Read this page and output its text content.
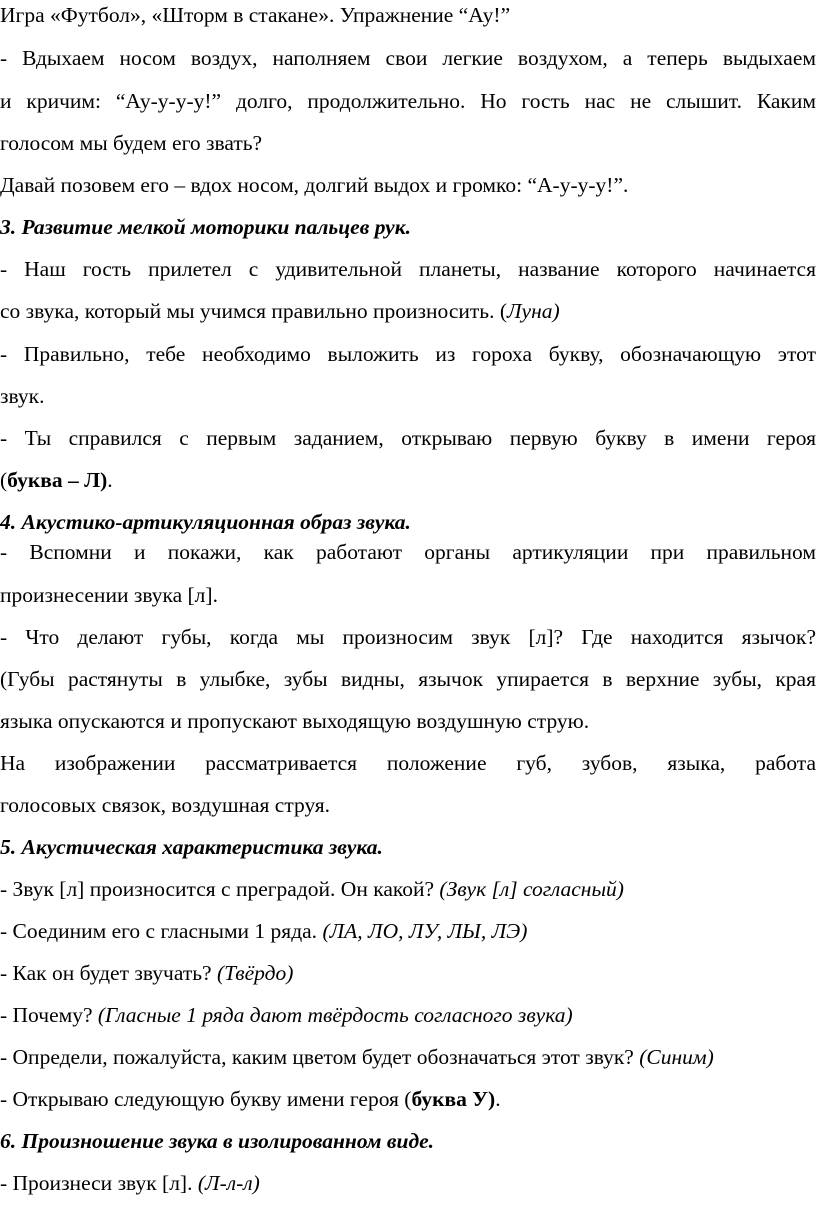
Игра «Футбол», «Шторм в стакане». Упражнение “Ау!”
- Вдыхаем носом воздух, наполняем свои легкие воздухом, а теперь выдыхаем
и кричим: “Ау-у-у-у!” долго, продолжительно. Но гость нас не слышит. Каким
голосом мы будем его звать?
Давай позовем его – вдох носом, долгий выдох и громко: “А-у-у-у!”.
3. Развитие мелкой моторики пальцев рук.
- Наш гость прилетел с удивительной планеты, название которого начинается
со звука, который мы учимся правильно произносить. (Луна)
- Правильно, тебе необходимо выложить из гороха букву, обозначающую этот
звук.
- Ты справился с первым заданием, открываю первую букву в имени героя
(буква – Л).
4. Акустико-артикуляционная образ звука.
- Вспомни и покажи, как работают органы артикуляции при правильном
произнесении звука [л].
- Что делают губы, когда мы произносим звук [л]? Где находится язычок?
(Губы растянуты в улыбке, зубы видны, язычок упирается в верхние зубы, края
языка опускаются и пропускают выходящую воздушную струю.
На изображении рассматривается положение губ, зубов, языка, работа
голосовых связок, воздушная струя.
5. Акустическая характеристика звука.
- Звук [л] произносится с преградой. Он какой? (Звук [л] согласный)
- Соединим его с гласными 1 ряда. (ЛА, ЛО, ЛУ, ЛЫ, ЛЭ)
- Как он будет звучать? (Твёрдо)
- Почему? (Гласные 1 ряда дают твёрдость согласного звука)
- Определи, пожалуйста, каким цветом будет обозначаться этот звук? (Синим)
- Открываю следующую букву имени героя (буква У).
6. Произношение звука в изолированном виде.
- Произнеси звук [л]. (Л-л-л)
